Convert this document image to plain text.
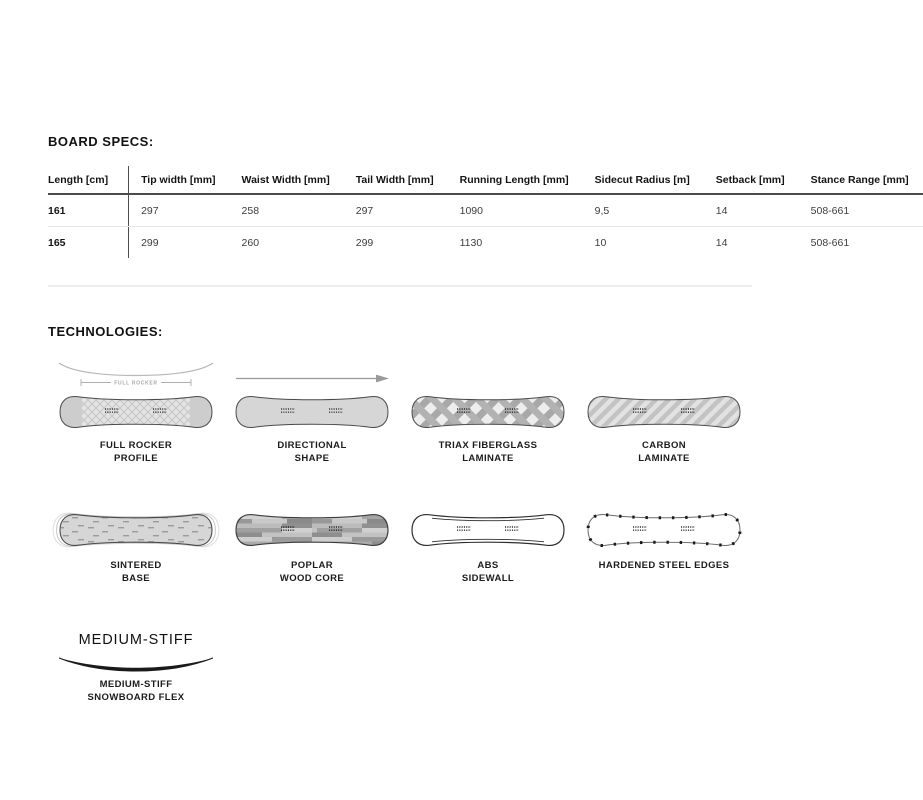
BOARD SPECS:
Length [cm]	Tip width [mm]	Waist Width [mm]	Tail Width [mm]	Running Length [mm]	Sidecut Radius [m]	Setback [mm]	Stance Range [mm]
161	297	258	297	1090	9,5	14	508-661
165	299	260	299	1130	10	14	508-661
TECHNOLOGIES:
FULL ROCKER
FULL ROCKER
PROFILE
DIRECTIONAL
SHAPE
TRIAX FIBERGLASS
LAMINATE
CARBON
LAMINATE
SINTERED
BASE
POPLAR
WOOD CORE
ABS
SIDEWALL
HARDENED STEEL EDGES
MEDIUM-STIFF
MEDIUM-STIFF
SNOWBOARD FLEX
